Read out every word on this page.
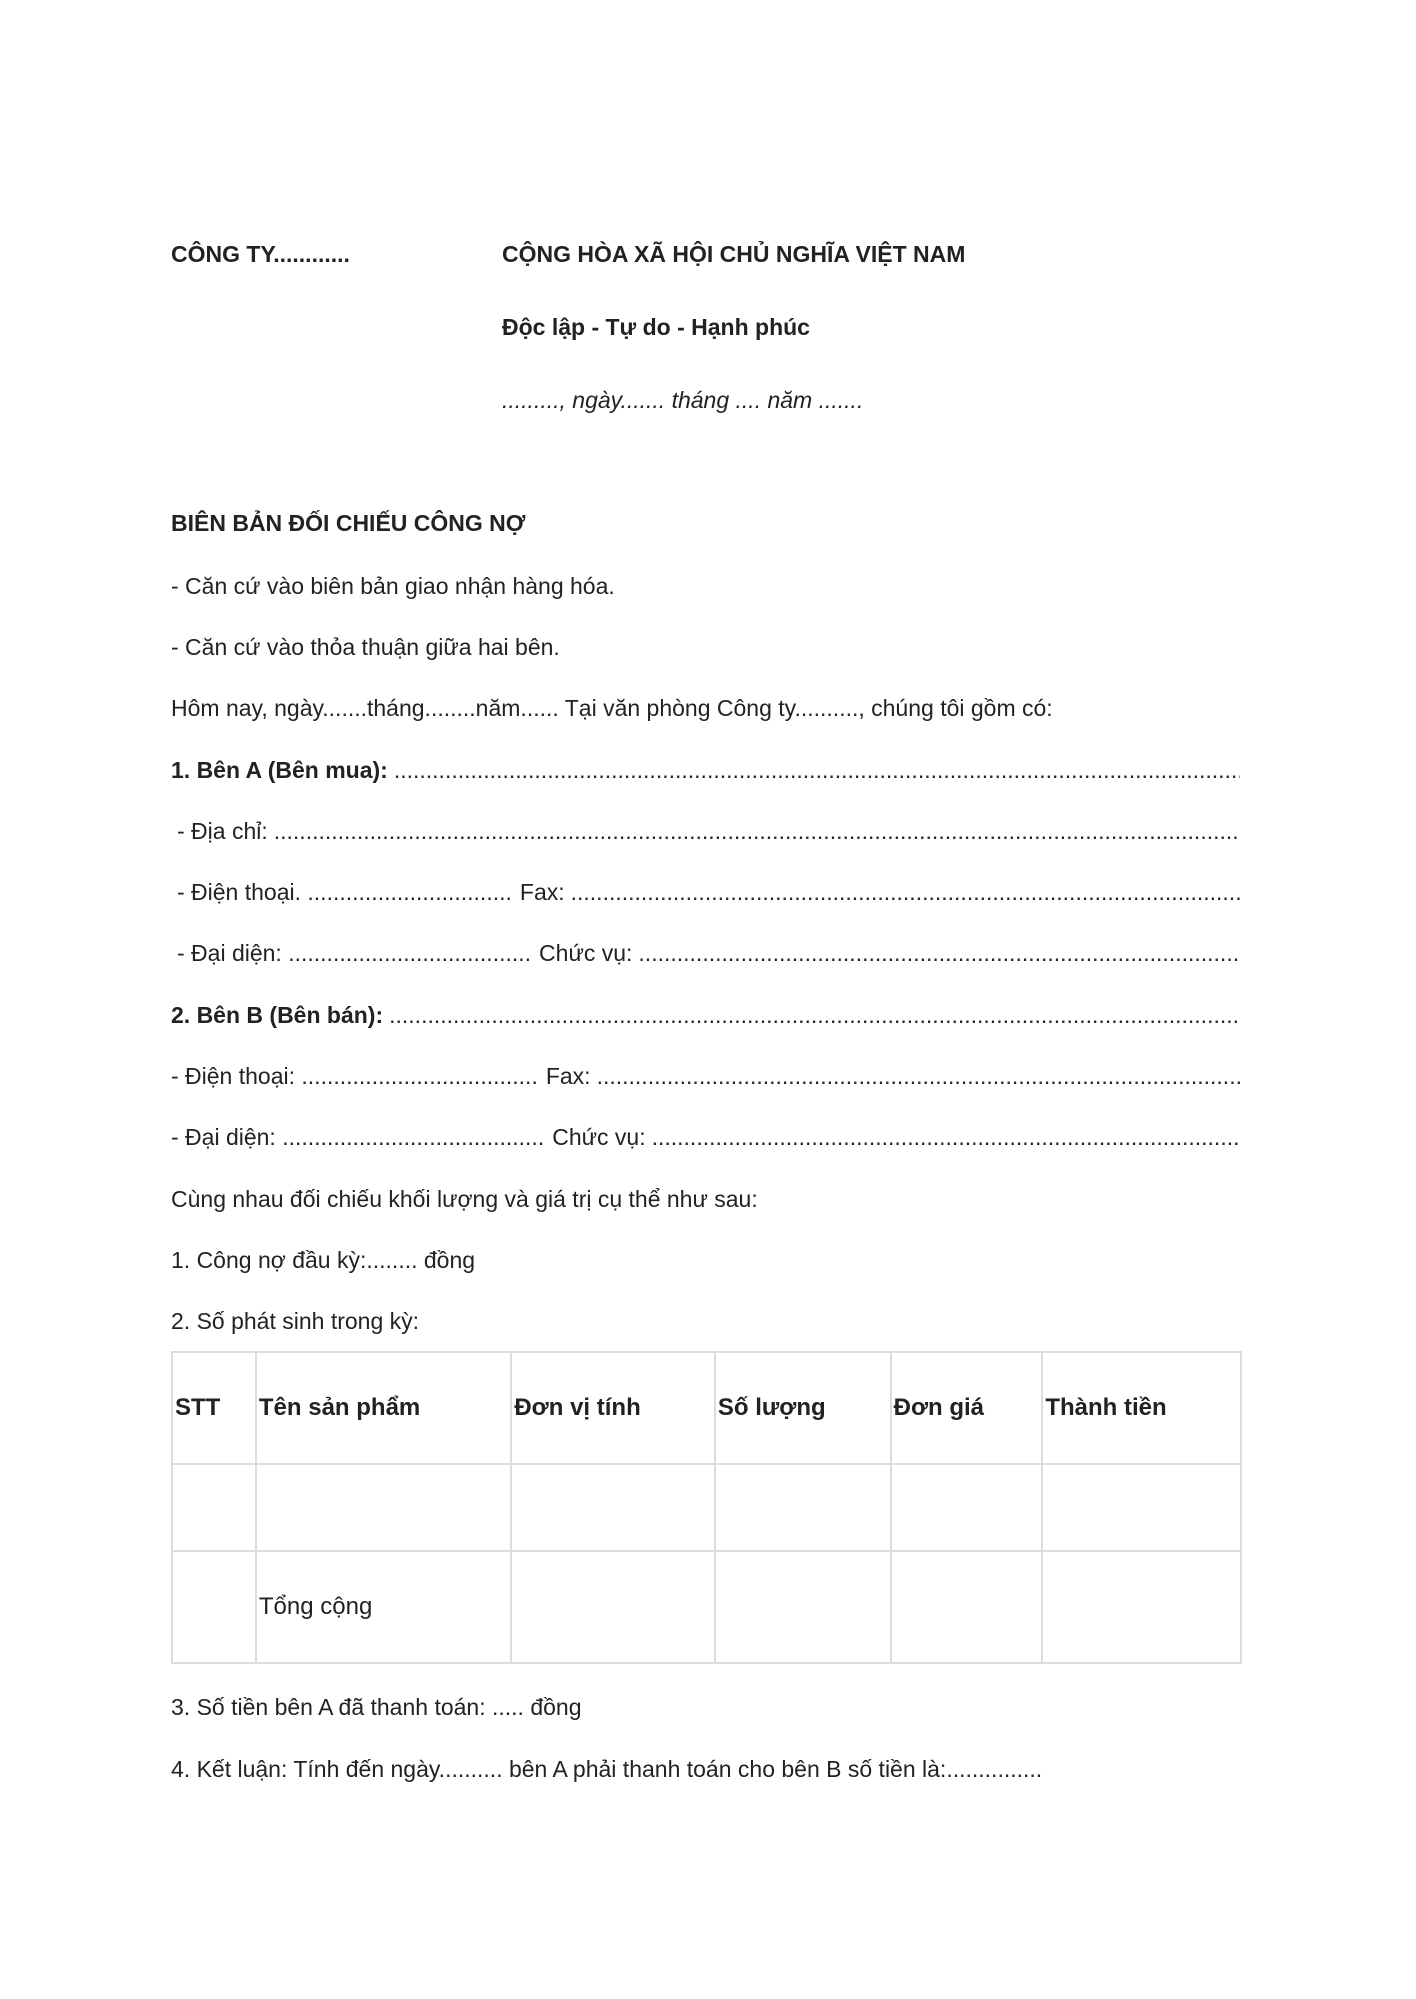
CÔNG TY............	CỘNG HÒA XÃ HỘI CHỦ NGHĨA VIỆT NAM
Độc lập - Tự do - Hạnh phúc
........., ngày....... tháng .... năm .......
BIÊN BẢN ĐỐI CHIẾU CÔNG NỢ
- Căn cứ vào biên bản giao nhận hàng hóa.
- Căn cứ vào thỏa thuận giữa hai bên.
Hôm nay, ngày.......tháng........năm...... Tại văn phòng Công ty.........., chúng tôi gồm có:
1. Bên A (Bên mua):
.....
- Địa chỉ:
.....
- Điện thoại. ................................ Fax:
.....
- Đại diện: ...................................... Chức vụ:
.....
2. Bên B (Bên bán):
.....
- Điện thoại: ..................................... Fax:
.....
- Đại diện: ......................................... Chức vụ:
.....
Cùng nhau đối chiếu khối lượng và giá trị cụ thể như sau:
1. Công nợ đầu kỳ:........ đồng
2. Số phát sinh trong kỳ:
STT	Tên sản phẩm	Đơn vị tính	Số lượng	Đơn giá	Thành tiền

	Tổng cộng				
3. Số tiền bên A đã thanh toán: ..... đồng
4. Kết luận: Tính đến ngày.......... bên A phải thanh toán cho bên B số tiền là:...............
